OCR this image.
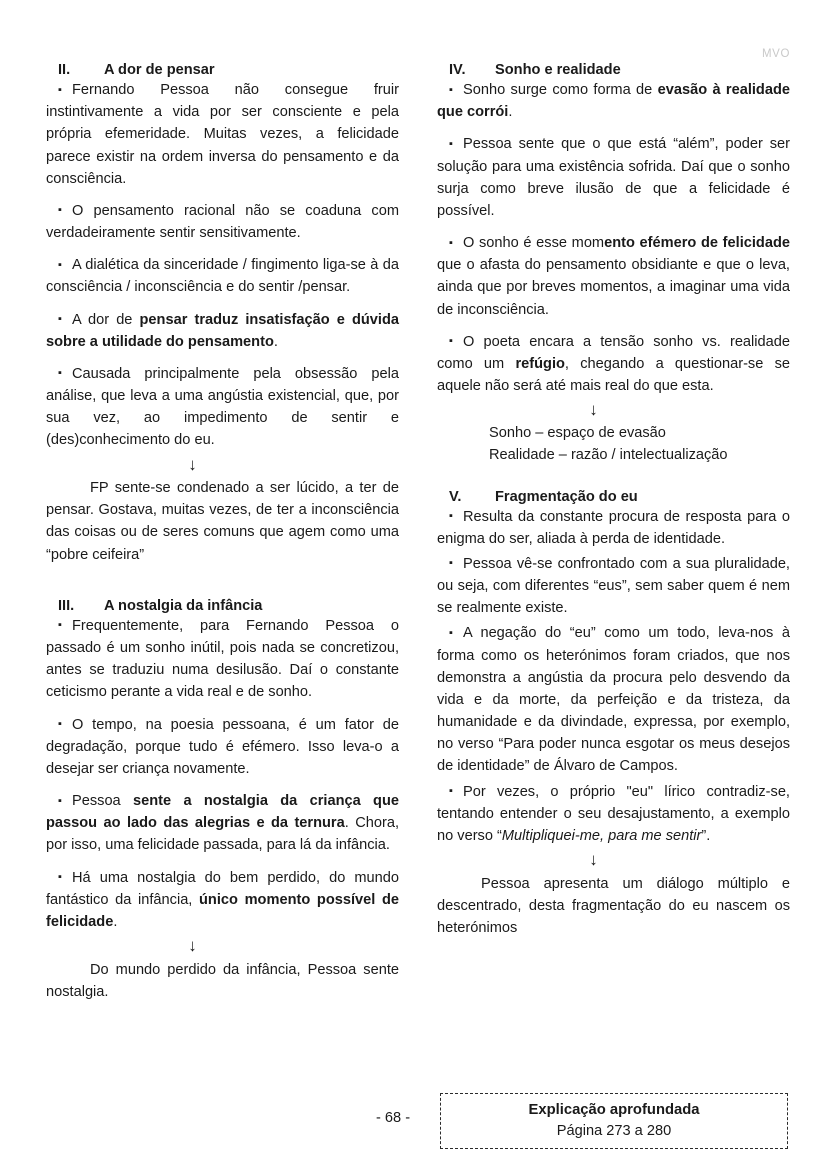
MVO
II.	A dor de pensar

▪ Fernando Pessoa não consegue fruir instintivamente a vida por ser consciente e pela própria efemeridade. Muitas vezes, a felicidade parece existir na ordem inversa do pensamento e da consciência.

▪ O pensamento racional não se coaduna com verdadeiramente sentir sensitivamente.

▪ A dialética da sinceridade / fingimento liga-se à da consciência / inconsciência e do sentir /pensar.

▪ A dor de pensar traduz insatisfação e dúvida sobre a utilidade do pensamento.

▪ Causada principalmente pela obsessão pela análise, que leva a uma angústia existencial, que, por sua vez, ao impedimento de sentir e (des)conhecimento do eu.

↓

FP sente-se condenado a ser lúcido, a ter de pensar. Gostava, muitas vezes, de ter a inconsciência das coisas ou de seres comuns que agem como uma “pobre ceifeira”

III.	A nostalgia da infância

▪ Frequentemente, para Fernando Pessoa o passado é um sonho inútil, pois nada se concretizou, antes se traduziu numa desilusão. Daí o constante ceticismo perante a vida real e de sonho.

▪ O tempo, na poesia pessoana, é um fator de degradação, porque tudo é efémero. Isso leva-o a desejar ser criança novamente.

▪ Pessoa sente a nostalgia da criança que passou ao lado das alegrias e da ternura. Chora, por isso, uma felicidade passada, para lá da infância.

▪ Há uma nostalgia do bem perdido, do mundo fantástico da infância, único momento possível de felicidade.

↓

Do mundo perdido da infância, Pessoa sente nostalgia.

IV.	Sonho e realidade

▪ Sonho surge como forma de evasão à realidade que corrói.

▪ Pessoa sente que o que está “além”, poder ser solução para uma existência sofrida. Daí que o sonho surja como breve ilusão de que a felicidade é possível.

▪ O sonho é esse momento efémero de felicidade que o afasta do pensamento obsidiante e que o leva, ainda que por breves momentos, a imaginar uma vida de inconsciência.

▪ O poeta encara a tensão sonho vs. realidade como um refúgio, chegando a questionar-se se aquele não será até mais real do que esta.

↓

Sonho – espaço de evasão

Realidade – razão / intelectualização

V.	Fragmentação do eu

▪ Resulta da constante procura de resposta para o enigma do ser, aliada à perda de identidade.

▪ Pessoa vê-se confrontado com a sua pluralidade, ou seja, com diferentes “eus”, sem saber quem é nem se realmente existe.

▪ A negação do “eu” como um todo, leva-nos à forma como os heterónimos foram criados, que nos demonstra a angústia da procura pelo desvendo da vida e da morte, da perfeição e da tristeza, da humanidade e da divindade, expressa, por exemplo, no verso “Para poder nunca esgotar os meus desejos de identidade” de Álvaro de Campos.

▪ Por vezes, o próprio "eu" lírico contradiz-se, tentando entender o seu desajustamento, a exemplo no verso “Multipliquei-me, para me sentir”.

↓

Pessoa apresenta um diálogo múltiplo e descentrado, desta fragmentação do eu nascem os heterónimos

- 68 -
Explicação aprofundada
Página 273 a 280
